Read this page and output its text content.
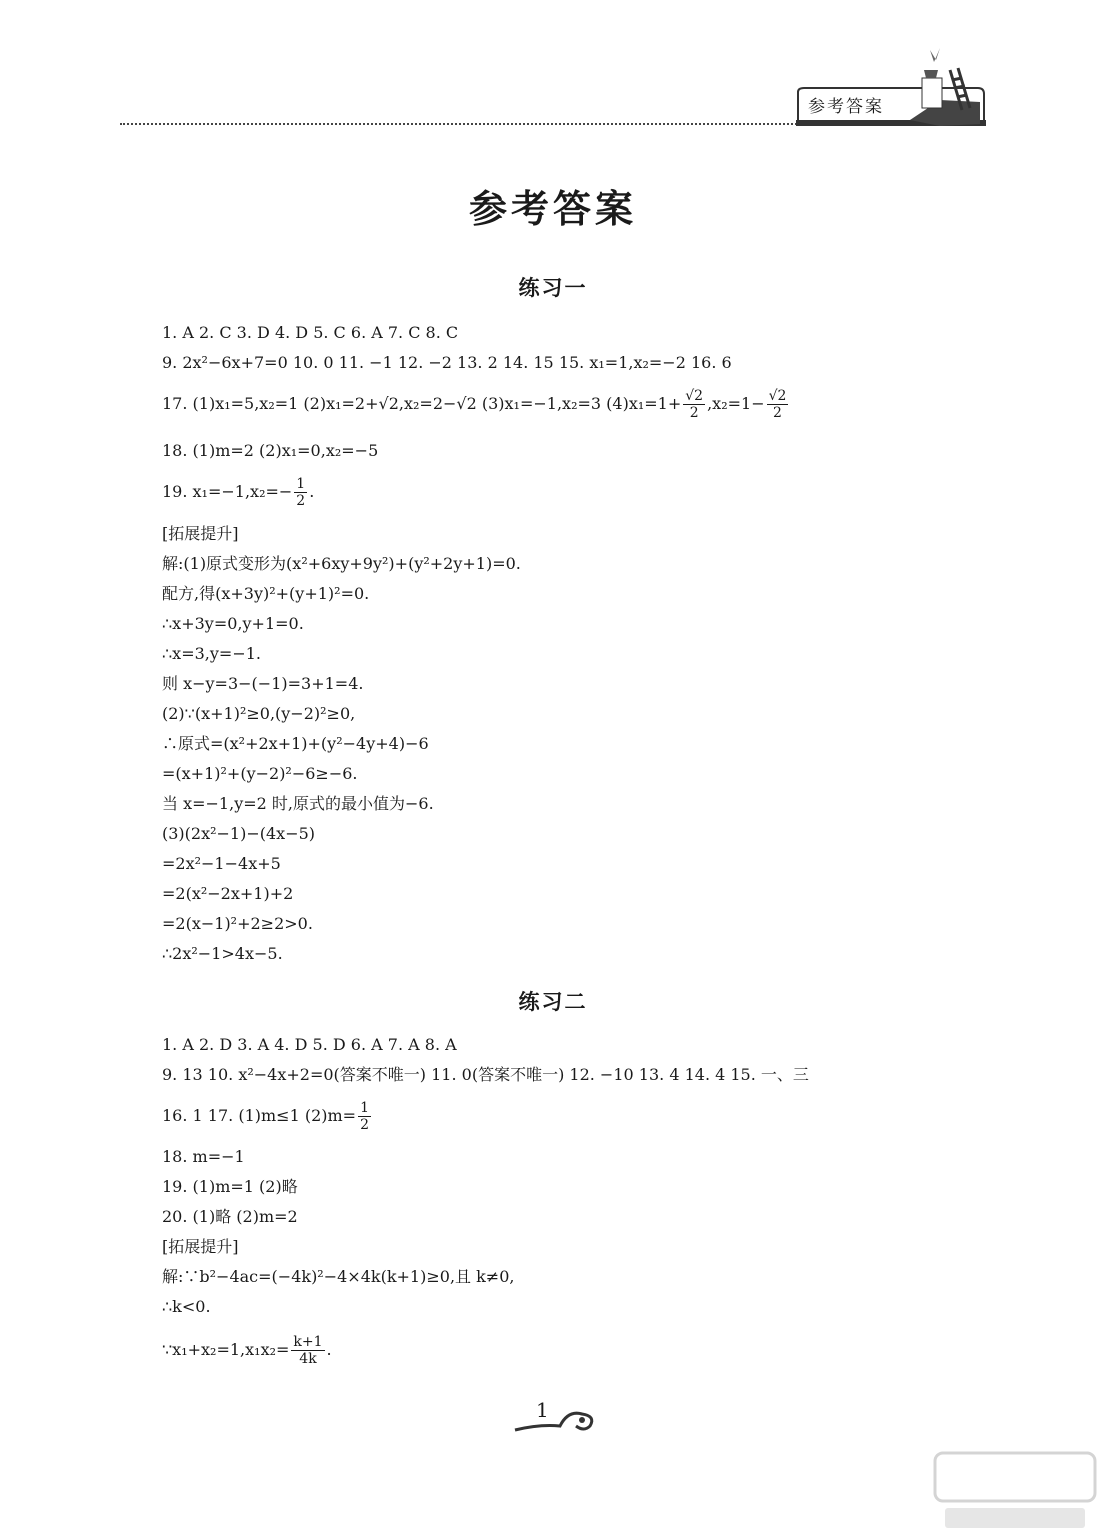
参考答案
参考答案
练习一
1. A 2. C 3. D 4. D 5. C 6. A 7. C 8. C
9. 2x²−6x+7=0 10. 0 11. −1 12. −2 13. 2 14. 15 15. x₁=1,x₂=−2 16. 6
17. (1)x₁=5,x₂=1 (2)x₁=2+√2,x₂=2−√2 (3)x₁=−1,x₂=3 $(4)x_1=1+ \frac{√2}{2} ,x_2=1- \frac{√2}{2}$
18. (1)m=2 (2)x₁=0,x₂=−5
19. $x_1=-1,x_2=- \frac{1}{2}$ .
[拓展提升]
解:(1)原式变形为(x²+6xy+9y²)+(y²+2y+1)=0.
配方,得(x+3y)²+(y+1)²=0.
∴x+3y=0,y+1=0.
∴x=3,y=−1.
则 x−y=3−(−1)=3+1=4.
(2)∵(x+1)²≥0,(y−2)²≥0,
∴原式=(x²+2x+1)+(y²−4y+4)−6
=(x+1)²+(y−2)²−6≥−6.
当 x=−1,y=2 时,原式的最小值为−6.
(3)(2x²−1)−(4x−5)
=2x²−1−4x+5
=2(x²−2x+1)+2
=2(x−1)²+2≥2>0.
∴2x²−1>4x−5.
练习二
1. A 2. D 3. A 4. D 5. D 6. A 7. A 8. A
9. 13 10. x²−4x+2=0(答案不唯一) 11. 0(答案不唯一) 12. −10 13. 4 14. 4 15. 一、三
16. 1 17. (1)m≤1 $(2)m= \frac{1}{2}$
18. m=−1
19. (1)m=1 (2)略
20. (1)略 (2)m=2
[拓展提升]
解:∵b²−4ac=(−4k)²−4×4k(k+1)≥0,且 k≠0,
∴k<0.
∵x₁+x₂=1,x₁x₂= $\frac{k+1}{4k}$ .
1
